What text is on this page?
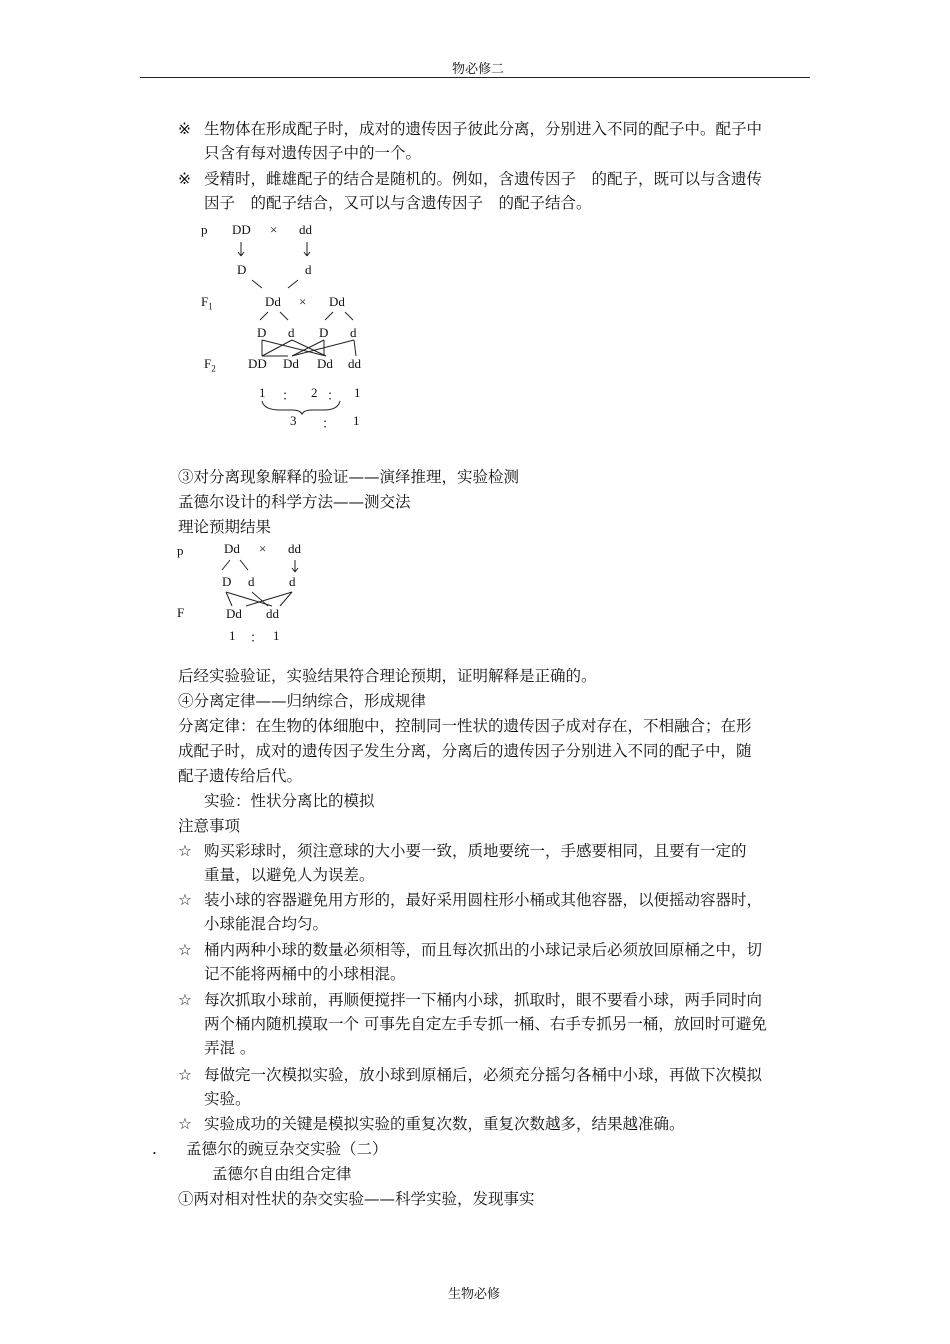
物必修二
※ 生物体在形成配子时，成对的遗传因子彼此分离，分别进入不同的配子中。配子中
只含有每对遗传因子中的一个。
※ 受精时，雌雄配子的结合是随机的。例如，含遗传因子　的配子，既可以与含遗传
因子　的配子结合，又可以与含遗传因子　的配子结合。
p DD × dd
D	d
$F_1$	Dd × Dd
D d D d
$F_2$ DD Dd Dd dd
1 ： 2 ： 1
3 ： 1
③对分离现象解释的验证——演绎推理，实验检测
孟德尔设计的科学方法——测交法
理论预期结果
p	Dd × dd
D d	d
F	Dd dd
1 ： 1
后经实验验证，实验结果符合理论预期，证明解释是正确的。
④分离定律——归纳综合，形成规律
分离定律：在生物的体细胞中，控制同一性状的遗传因子成对存在，不相融合；在形
成配子时，成对的遗传因子发生分离，分离后的遗传因子分别进入不同的配子中，随
配子遗传给后代。
实验：性状分离比的模拟
注意事项
☆ 购买彩球时，须注意球的大小要一致，质地要统一，手感要相同，且要有一定的
重量，以避免人为误差。
☆ 装小球的容器避免用方形的，最好采用圆柱形小桶或其他容器，以便摇动容器时，
小球能混合均匀。
☆ 桶内两种小球的数量必须相等，而且每次抓出的小球记录后必须放回原桶之中，切
记不能将两桶中的小球相混。
☆ 每次抓取小球前，再顺便搅拌一下桶内小球，抓取时，眼不要看小球，两手同时向
两个桶内随机摸取一个 可事先自定左手专抓一桶、右手专抓另一桶，放回时可避免
弄混 。
☆ 每做完一次模拟实验，放小球到原桶后，必须充分摇匀各桶中小球，再做下次模拟
实验。
☆ 实验成功的关键是模拟实验的重复次数，重复次数越多，结果越准确。
. 孟德尔的豌豆杂交实验（二）
孟德尔自由组合定律
①两对相对性状的杂交实验——科学实验，发现事实
生物必修
